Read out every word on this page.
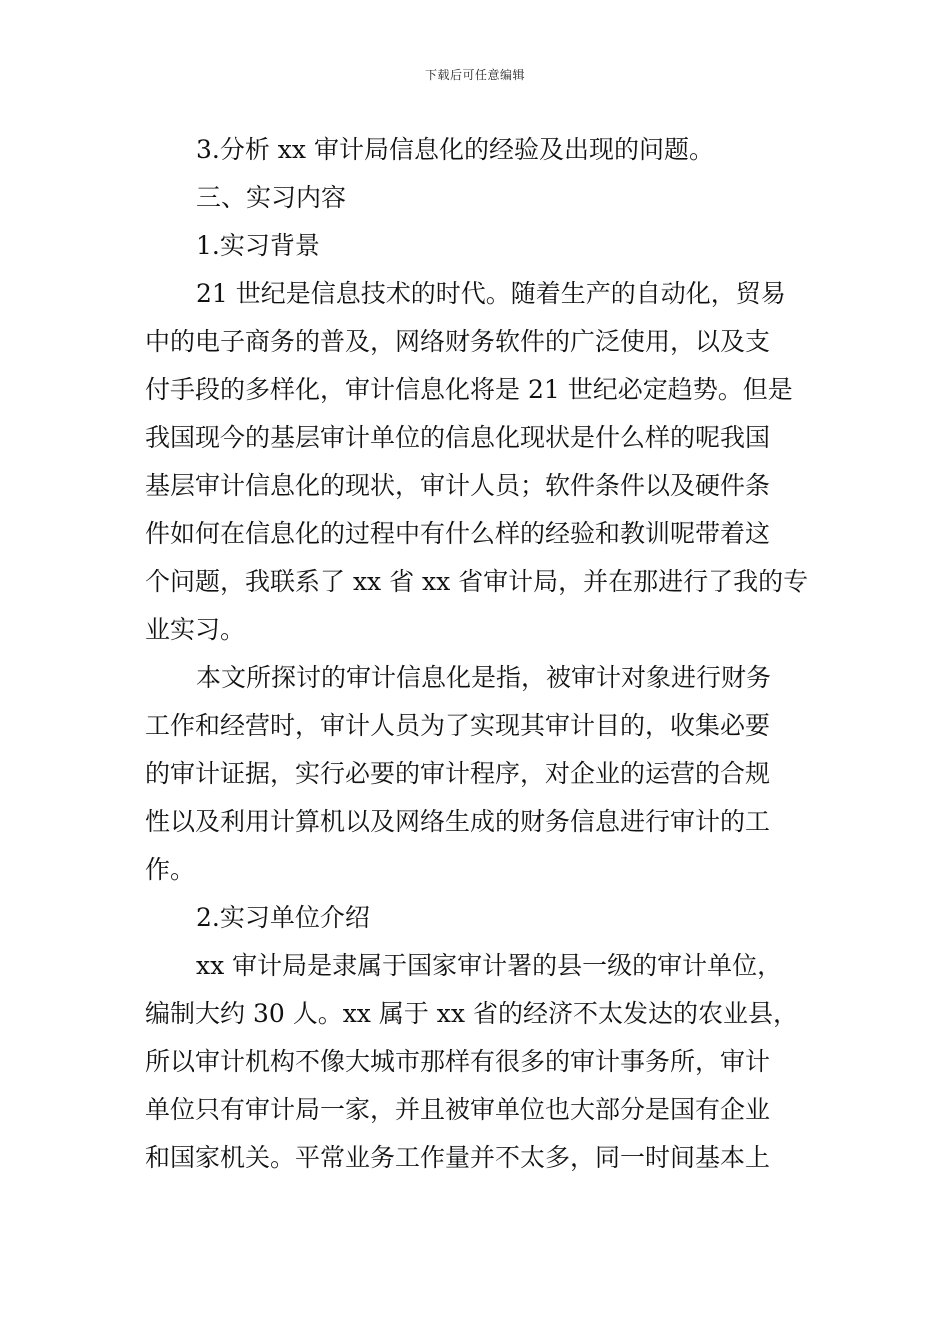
下载后可任意编辑
3.分析 xx 审计局信息化的经验及出现的问题。
三、实习内容
1.实习背景
21 世纪是信息技术的时代。随着生产的自动化，贸易
中的电子商务的普及，网络财务软件的广泛使用，以及支
付手段的多样化，审计信息化将是 21 世纪必定趋势。但是
我国现今的基层审计单位的信息化现状是什么样的呢我国
基层审计信息化的现状，审计人员；软件条件以及硬件条
件如何在信息化的过程中有什么样的经验和教训呢带着这
个问题，我联系了 xx 省 xx 省审计局，并在那进行了我的专
业实习。
本文所探讨的审计信息化是指，被审计对象进行财务
工作和经营时，审计人员为了实现其审计目的，收集必要
的审计证据，实行必要的审计程序，对企业的运营的合规
性以及利用计算机以及网络生成的财务信息进行审计的工
作。
2.实习单位介绍
xx 审计局是隶属于国家审计署的县一级的审计单位，
编制大约 30 人。xx 属于 xx 省的经济不太发达的农业县，
所以审计机构不像大城市那样有很多的审计事务所，审计
单位只有审计局一家，并且被审单位也大部分是国有企业
和国家机关。平常业务工作量并不太多，同一时间基本上
